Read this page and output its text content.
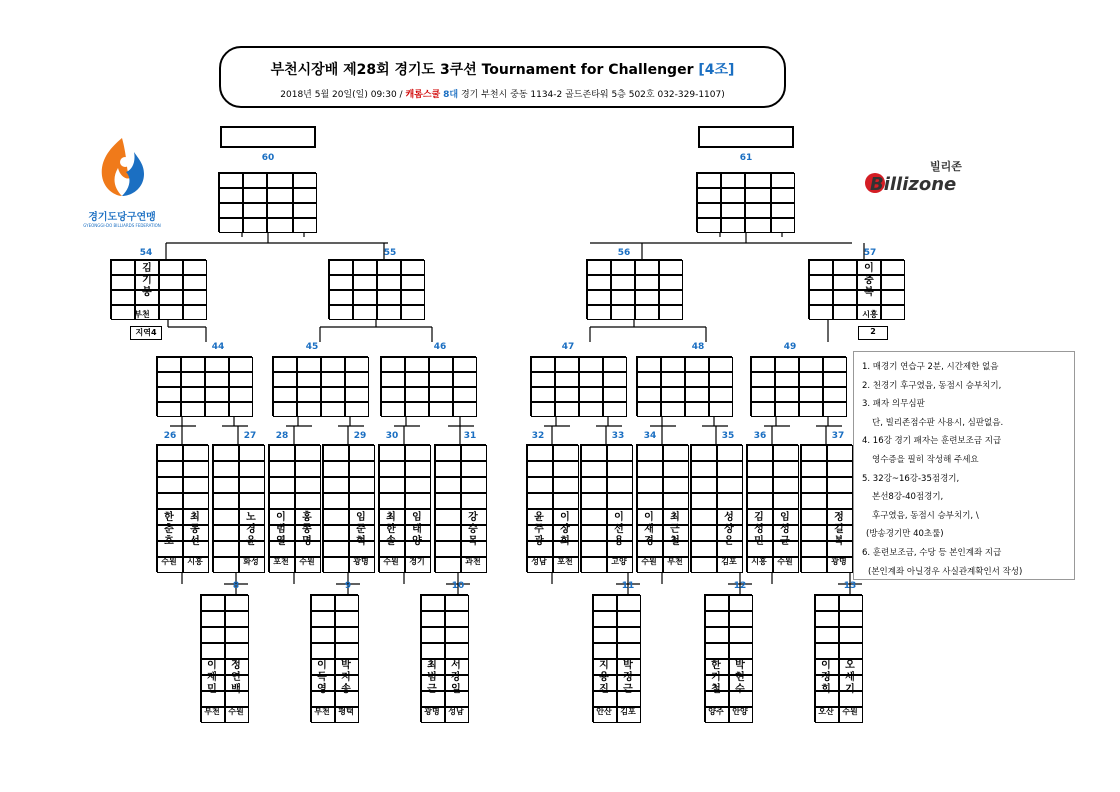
부천시장배 제28회 경기도 3쿠션 Tournament for Challenger [4조]
2018년 5월 20일(일) 09:30 / 캐롬스쿨 8대 경기 부천시 중동 1134-2 골드존타워 5층 502호 032-329-1107)
경기도당구연맹
GYEONGGI-DO BILLIARDS FEDERATION
빌리존
Billizone
1. 매경기 연습구 2분, 시간제한 없음
2. 천경기 후구였음, 동점시 승부치기,
3. 패자 의무심판
단, 빌리존점수판 사용시, 심판없음.
4. 16강 경기 패자는 훈련보조금 지급
영수증을 필히 작성해 주세요
5. 32강~16강-35점경기,
본선8강-40점경기,
후구였음, 동점시 승부치기, \
(방송경기만 40초룰)
6. 훈련보조금, 수당 등 본인계좌 지급
(본인계좌 아닐경우 사실관계확인서 작성)
60	61
54	55	56	57
김기봉
부천
지역4
이충복
시흥
2
44	45	46	47	48	49
26
한춘호
수원
최동선
시흥
27
노경윤
화성
28
이범열
포천
홍종명
수원
29
임준혁
광명
30
최한솔
수원
임태양
경기
31
강승목
과천
32
윤주광
성남
이장희
포천
33
이선용
고양
34
이재경
수원
최근철
부천
35
성상은
김포
36
김성민
시흥
임성균
수원
37
정길복
광명
8
이재민
부천
정연백
수원
9
이득영
부천
박지송
평택
10
최범근
광명
서강일
성남
11
지용진
안산
박정근
김포
12
한기철
양주
박현수
안양
13
이정희
오산
오세기
수원
